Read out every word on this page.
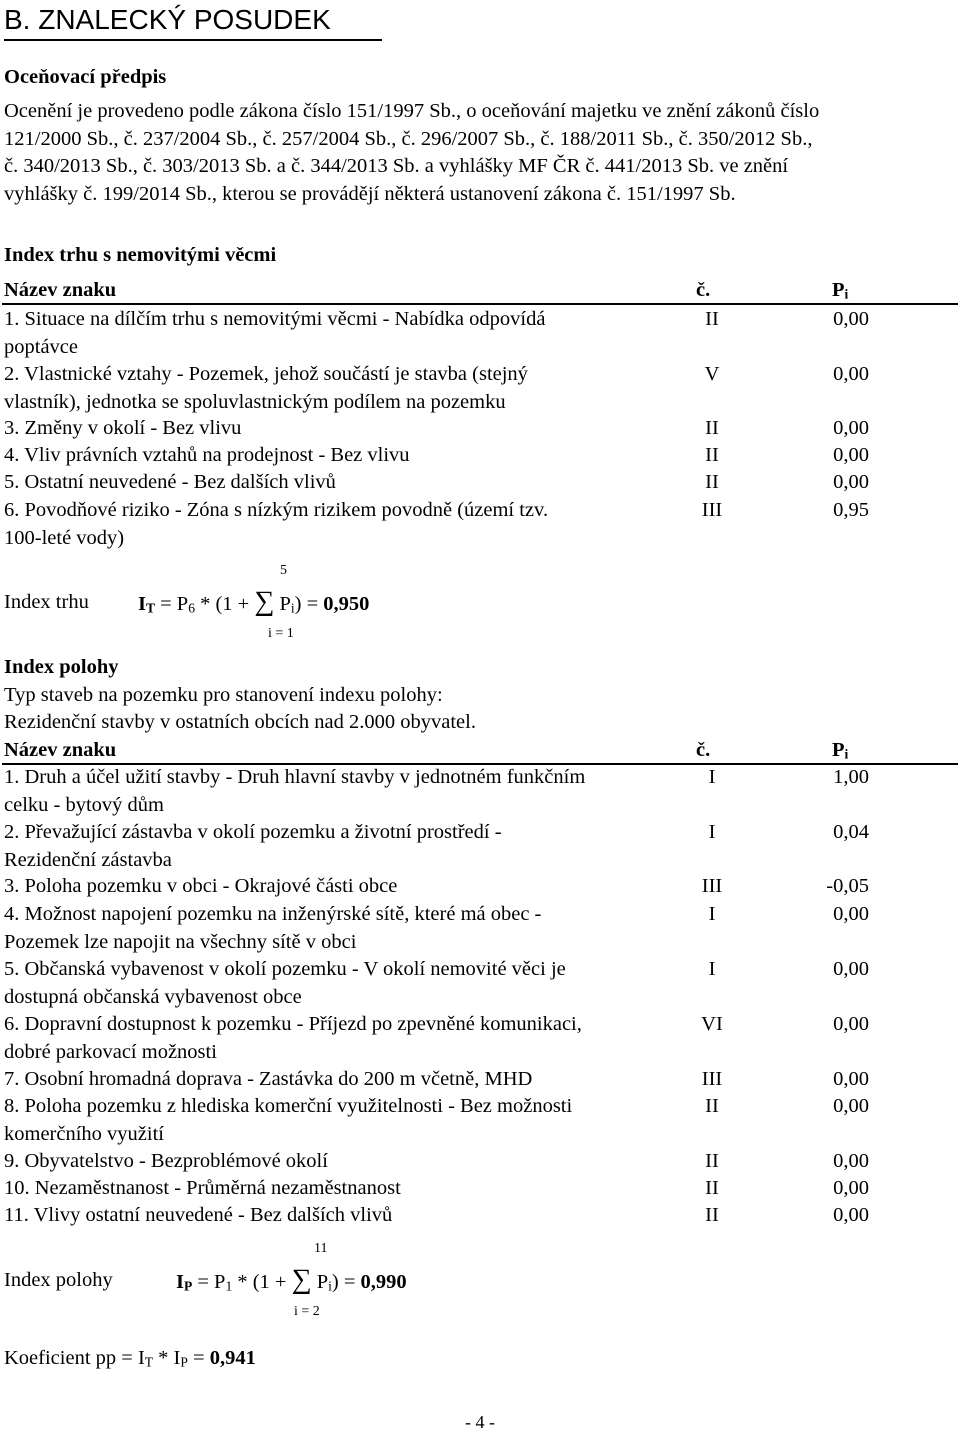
B. ZNALECKÝ POSUDEK
Oceňovací předpis
Ocenění je provedeno podle zákona číslo 151/1997 Sb., o oceňování majetku ve znění zákonů číslo
121/2000 Sb., č. 237/2004 Sb., č. 257/2004 Sb., č. 296/2007 Sb., č. 188/2011 Sb., č. 350/2012 Sb.,
č. 340/2013 Sb., č. 303/2013 Sb. a č. 344/2013 Sb. a vyhlášky MF ČR č. 441/2013 Sb. ve znění
vyhlášky č. 199/2014 Sb., kterou se provádějí některá ustanovení zákona č. 151/1997 Sb.
Index trhu s nemovitými věcmi
Název znaku	č.	$P_i$
1. Situace na dílčím trhu s nemovitými věcmi - Nabídka odpovídá
poptávce
II	0,00
2. Vlastnické vztahy - Pozemek, jehož součástí je stavba (stejný
vlastník), jednotka se spoluvlastnickým podílem na pozemku
V	0,00
3. Změny v okolí - Bez vlivu	II	0,00
4. Vliv právních vztahů na prodejnost - Bez vlivu	II	0,00
5. Ostatní neuvedené - Bez dalších vlivů	II	0,00
6. Povodňové riziko - Zóna s nízkým rizikem povodně (území tzv.
100-leté vody)
III	0,95
5
Index trhu $I_T = P_6 * (1$ + ∑ $P_i) = 0,950$
i = 1
Index polohy
Typ staveb na pozemku pro stanovení indexu polohy:
Rezidenční stavby v ostatních obcích nad 2.000 obyvatel.
Název znaku	č.	$P_i$
1. Druh a účel užití stavby - Druh hlavní stavby v jednotném funkčním
celku - bytový dům
I	1,00
2. Převažující zástavba v okolí pozemku a životní prostředí -
Rezidenční zástavba
I	0,04
3. Poloha pozemku v obci - Okrajové části obce	III	-0,05
4. Možnost napojení pozemku na inženýrské sítě, které má obec -
Pozemek lze napojit na všechny sítě v obci
I	0,00
5. Občanská vybavenost v okolí pozemku - V okolí nemovité věci je
dostupná občanská vybavenost obce
I	0,00
6. Dopravní dostupnost k pozemku - Příjezd po zpevněné komunikaci,
dobré parkovací možnosti
VI	0,00
7. Osobní hromadná doprava - Zastávka do 200 m včetně, MHD	III	0,00
8. Poloha pozemku z hlediska komerční využitelnosti - Bez možnosti
komerčního využití
II	0,00
9. Obyvatelstvo - Bezproblémové okolí	II	0,00
10. Nezaměstnanost - Průměrná nezaměstnanost	II	0,00
11. Vlivy ostatní neuvedené - Bez dalších vlivů	II	0,00
11
Index polohy	$I_P = P_1 * (1$ + ∑ $P_i) = 0,990$
i = 2
Koeficient pp = $I_T * I_P = 0,941$
- 4 -
